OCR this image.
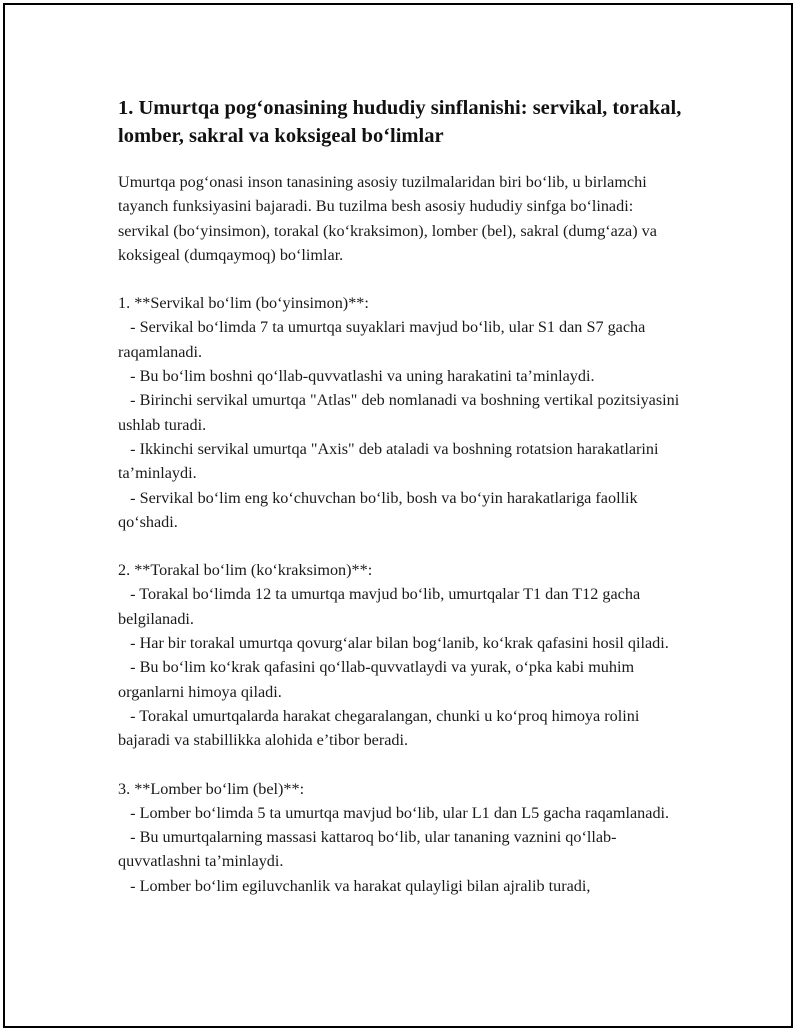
1. Umurtqa pog‘onasining hududiy sinflanishi: servikal, torakal, lomber, sakral va koksigeal bo‘limlar

Umurtqa pog‘onasi inson tanasining asosiy tuzilmalaridan biri bo‘lib, u birlamchi tayanch funksiyasini bajaradi. Bu tuzilma besh asosiy hududiy sinfga bo‘linadi: servikal (bo‘yinsimon), torakal (ko‘kraksimon), lomber (bel), sakral (dumg‘aza) va koksigeal (dumqaymoq) bo‘limlar.

1. **Servikal bo‘lim (bo‘yinsimon)**:

- Servikal bo‘limda 7 ta umurtqa suyaklari mavjud bo‘lib, ular S1 dan S7 gacha raqamlanadi.

- Bu bo‘lim boshni qo‘llab-quvvatlashi va uning harakatini ta’minlaydi.

- Birinchi servikal umurtqa "Atlas" deb nomlanadi va boshning vertikal pozitsiyasini ushlab turadi.

- Ikkinchi servikal umurtqa "Axis" deb ataladi va boshning rotatsion harakatlarini ta’minlaydi.

- Servikal bo‘lim eng ko‘chuvchan bo‘lib, bosh va bo‘yin harakatlariga faollik qo‘shadi.

2. **Torakal bo‘lim (ko‘kraksimon)**:

- Torakal bo‘limda 12 ta umurtqa mavjud bo‘lib, umurtqalar T1 dan T12 gacha belgilanadi.

- Har bir torakal umurtqa qovurg‘alar bilan bog‘lanib, ko‘krak qafasini hosil qiladi.

- Bu bo‘lim ko‘krak qafasini qo‘llab-quvvatlaydi va yurak, o‘pka kabi muhim organlarni himoya qiladi.

- Torakal umurtqalarda harakat chegaralangan, chunki u ko‘proq himoya rolini bajaradi va stabillikka alohida e’tibor beradi.

3. **Lomber bo‘lim (bel)**:

- Lomber bo‘limda 5 ta umurtqa mavjud bo‘lib, ular L1 dan L5 gacha raqamlanadi.

- Bu umurtqalarning massasi kattaroq bo‘lib, ular tananing vaznini qo‘llab-quvvatlashni ta’minlaydi.

- Lomber bo‘lim egiluvchanlik va harakat qulayligi bilan ajralib turadi,
